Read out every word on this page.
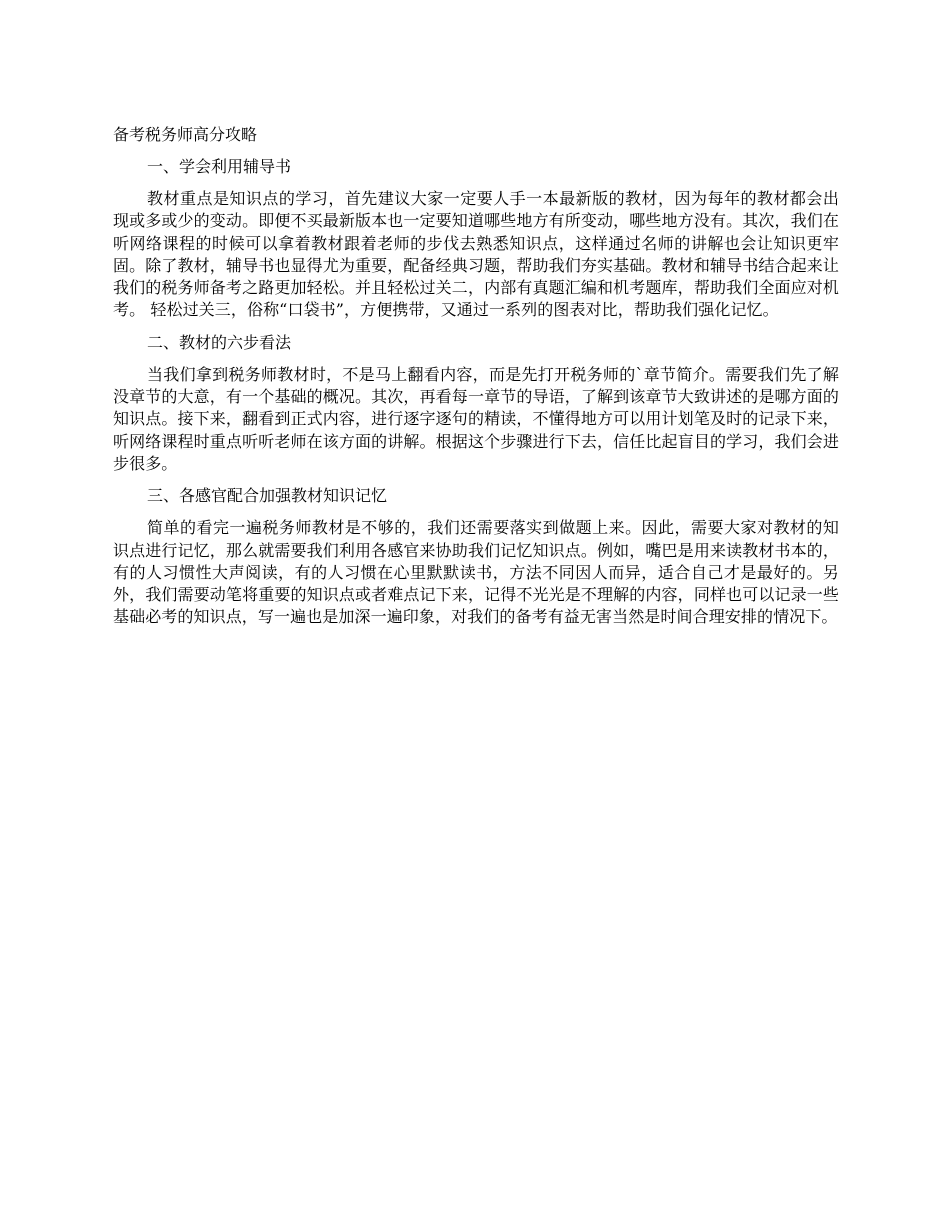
备考税务师高分攻略

一、学会利用辅导书

教材重点是知识点的学习，首先建议大家一定要人手一本最新版的教材，因为每年的教材都会出现或多或少的变动。即便不买最新版本也一定要知道哪些地方有所变动，哪些地方没有。其次，我们在听网络课程的时候可以拿着教材跟着老师的步伐去熟悉知识点，这样通过名师的讲解也会让知识更牢固。除了教材，辅导书也显得尤为重要，配备经典习题，帮助我们夯实基础。教材和辅导书结合起来让我们的税务师备考之路更加轻松。并且轻松过关二，内部有真题汇编和机考题库，帮助我们全面应对机考。 轻松过关三，俗称“口袋书”，方便携带，又通过一系列的图表对比，帮助我们强化记忆。

二、教材的六步看法

当我们拿到税务师教材时，不是马上翻看内容，而是先打开税务师的`章节简介。需要我们先了解没章节的大意，有一个基础的概况。其次，再看每一章节的导语，了解到该章节大致讲述的是哪方面的知识点。接下来，翻看到正式内容，进行逐字逐句的精读，不懂得地方可以用计划笔及时的记录下来，听网络课程时重点听听老师在该方面的讲解。根据这个步骤进行下去，信任比起盲目的学习，我们会进步很多。

三、各感官配合加强教材知识记忆

简单的看完一遍税务师教材是不够的，我们还需要落实到做题上来。因此，需要大家对教材的知识点进行记忆，那么就需要我们利用各感官来协助我们记忆知识点。例如，嘴巴是用来读教材书本的，有的人习惯性大声阅读，有的人习惯在心里默默读书，方法不同因人而异，适合自己才是最好的。另外，我们需要动笔将重要的知识点或者难点记下来，记得不光光是不理解的内容，同样也可以记录一些基础必考的知识点，写一遍也是加深一遍印象，对我们的备考有益无害当然是时间合理安排的情况下。
